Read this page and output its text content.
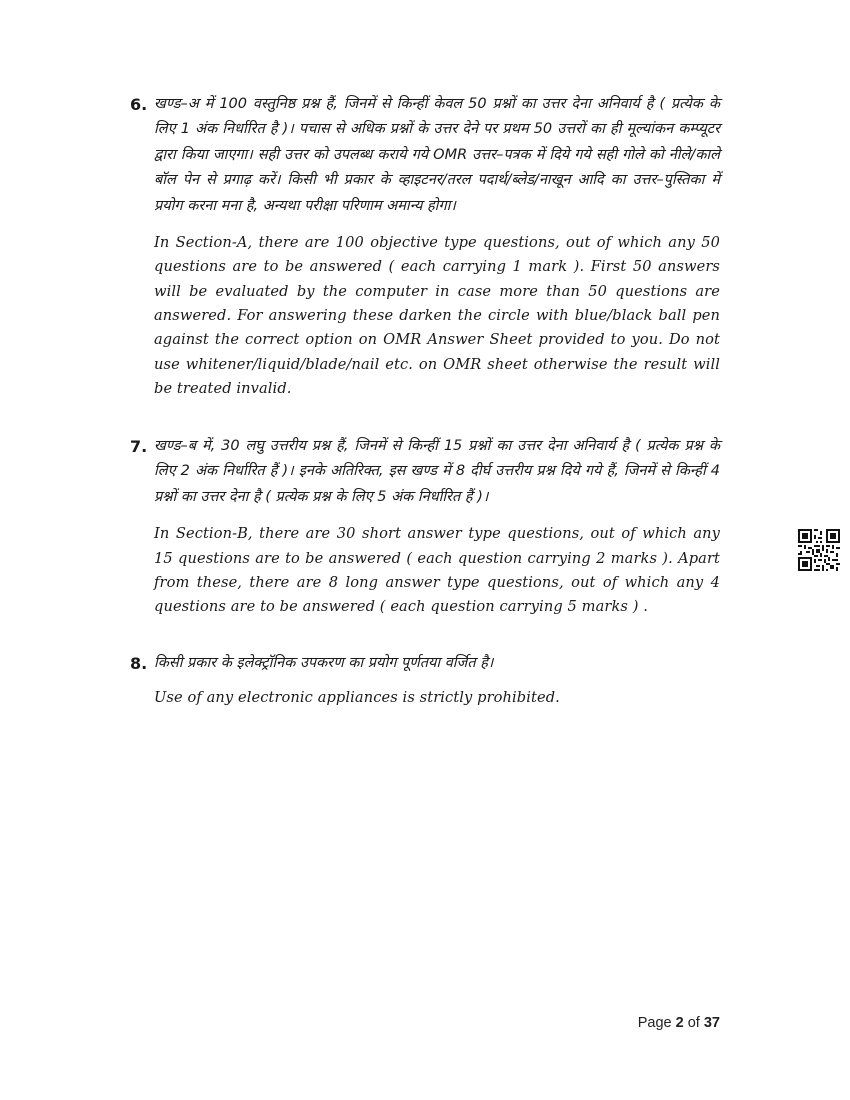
6. खण्ड–अ में 100 वस्तुनिष्ठ प्रश्न हैं, जिनमें से किन्हीं केवल 50 प्रश्नों का उत्तर देना अनिवार्य है ( प्रत्येक के लिए 1 अंक निर्धारित है )। पचास से अधिक प्रश्नों के उत्तर देने पर प्रथम 50 उत्तरों का ही मूल्यांकन कम्प्यूटर द्वारा किया जाएगा। सही उत्तर को उपलब्ध कराये गये OMR उत्तर–पत्रक में दिये गये सही गोले को नीले/काले बॉल पेन से प्रगाढ़ करें। किसी भी प्रकार के व्हाइटनर/तरल पदार्थ/ब्लेड/नाखून आदि का उत्तर–पुस्तिका में प्रयोग करना मना है, अन्यथा परीक्षा परिणाम अमान्य होगा।
In Section-A, there are 100 objective type questions, out of which any 50 questions are to be answered ( each carrying 1 mark ). First 50 answers will be evaluated by the computer in case more than 50 questions are answered. For answering these darken the circle with blue/black ball pen against the correct option on OMR Answer Sheet provided to you. Do not use whitener/liquid/blade/nail etc. on OMR sheet otherwise the result will be treated invalid.
7. खण्ड–ब में, 30 लघु उत्तरीय प्रश्न हैं, जिनमें से किन्हीं 15 प्रश्नों का उत्तर देना अनिवार्य है ( प्रत्येक प्रश्न के लिए 2 अंक निर्धारित हैं )। इनके अतिरिक्त, इस खण्ड में 8 दीर्घ उत्तरीय प्रश्न दिये गये हैं, जिनमें से किन्हीं 4 प्रश्नों का उत्तर देना है ( प्रत्येक प्रश्न के लिए 5 अंक निर्धारित हैं )।
In Section-B, there are 30 short answer type questions, out of which any 15 questions are to be answered ( each question carrying 2 marks ). Apart from these, there are 8 long answer type questions, out of which any 4 questions are to be answered ( each question carrying 5 marks ) .
8. किसी प्रकार के इलेक्ट्रॉनिक उपकरण का प्रयोग पूर्णतया वर्जित है।
Use of any electronic appliances is strictly prohibited.
Page 2 of 37
